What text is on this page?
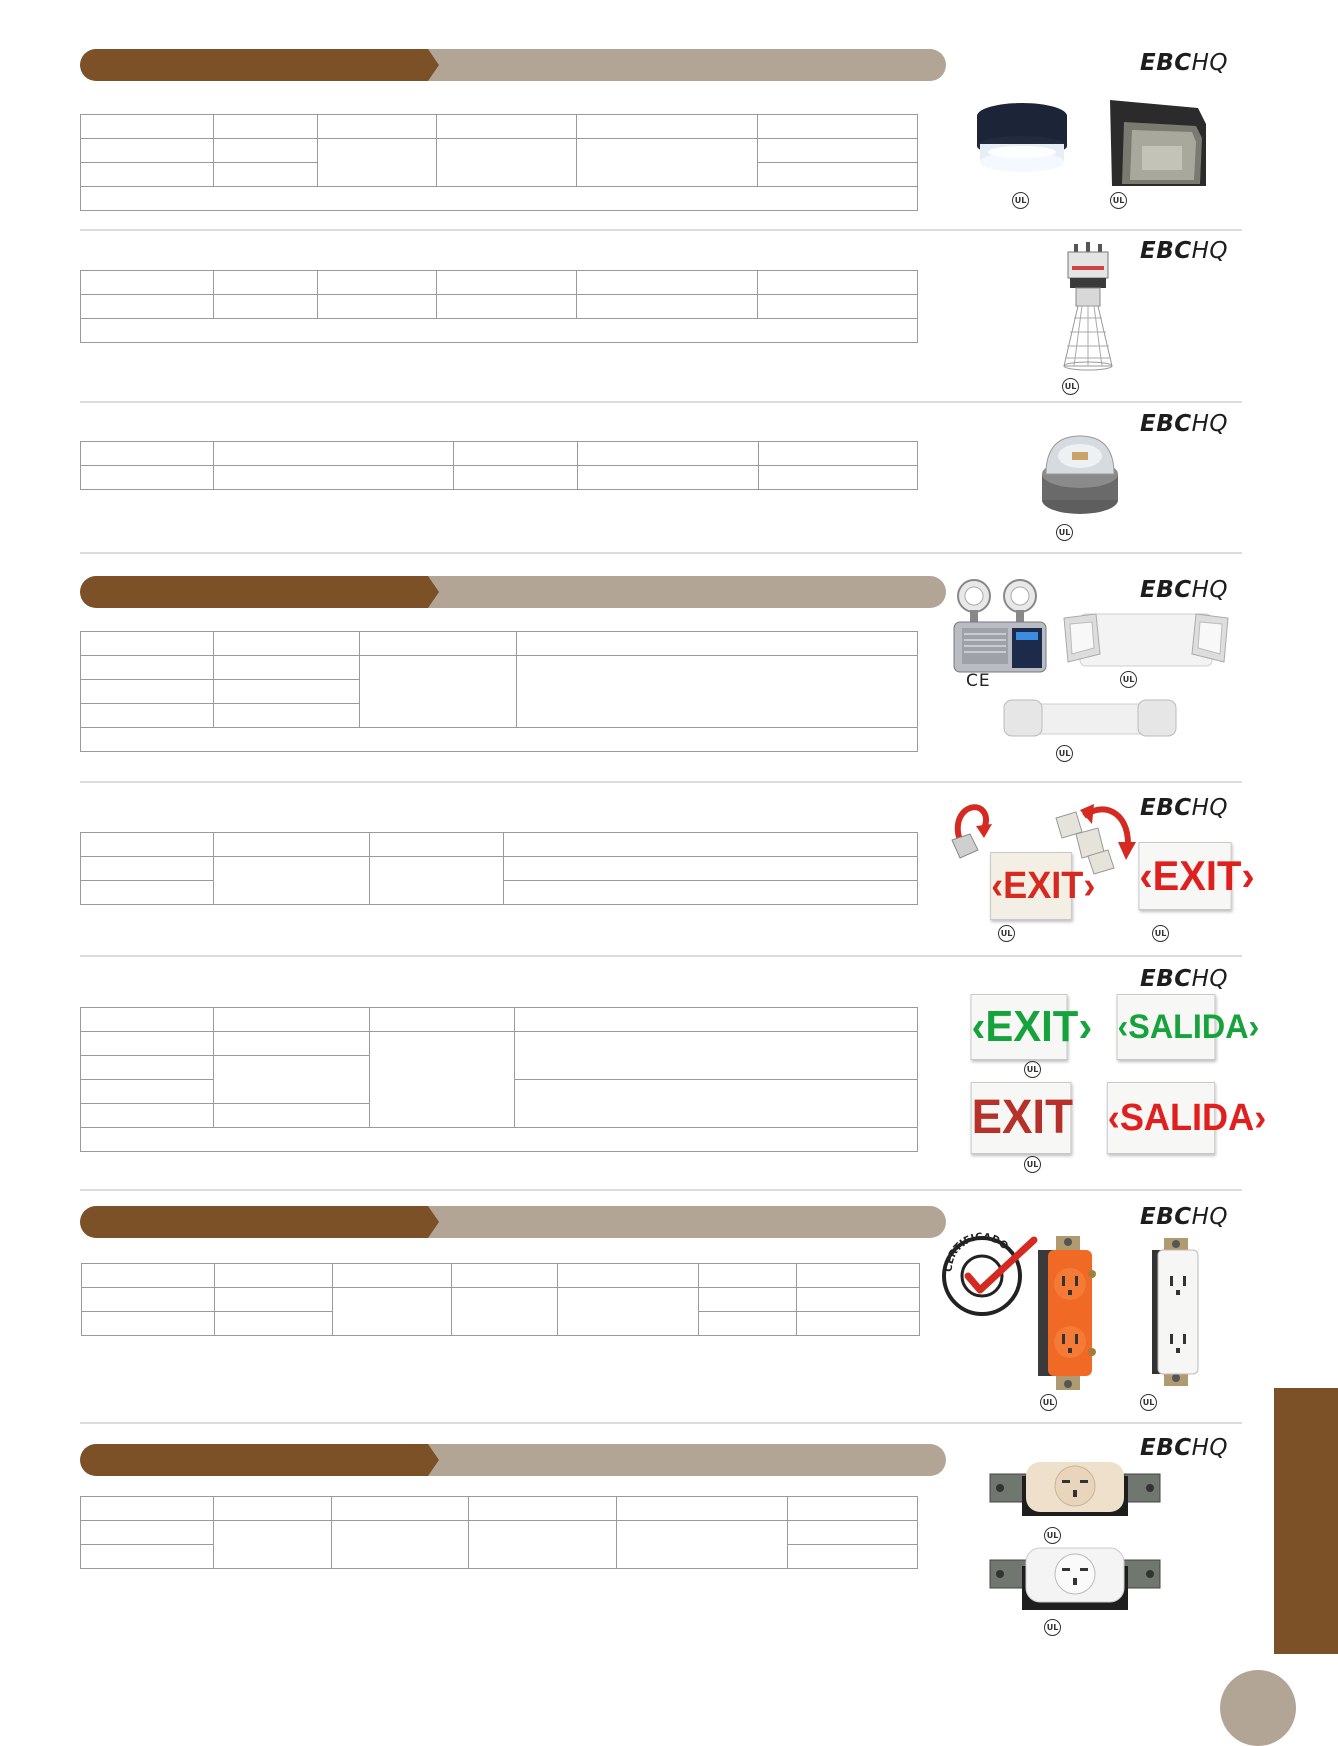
EBCHQ

UL	UL
EBCHQ

UL
EBCHQ

UL
EBCHQ

CE	UL
UL
EBCHQ

‹EXIT› ‹EXIT›
UL	UL
EBCHQ

‹EXIT› ‹SALIDA›
UL
EXIT ‹SALIDA›
UL
EBCHQ

CERTIFICADO
UL	UL
EBCHQ

UL
UL
